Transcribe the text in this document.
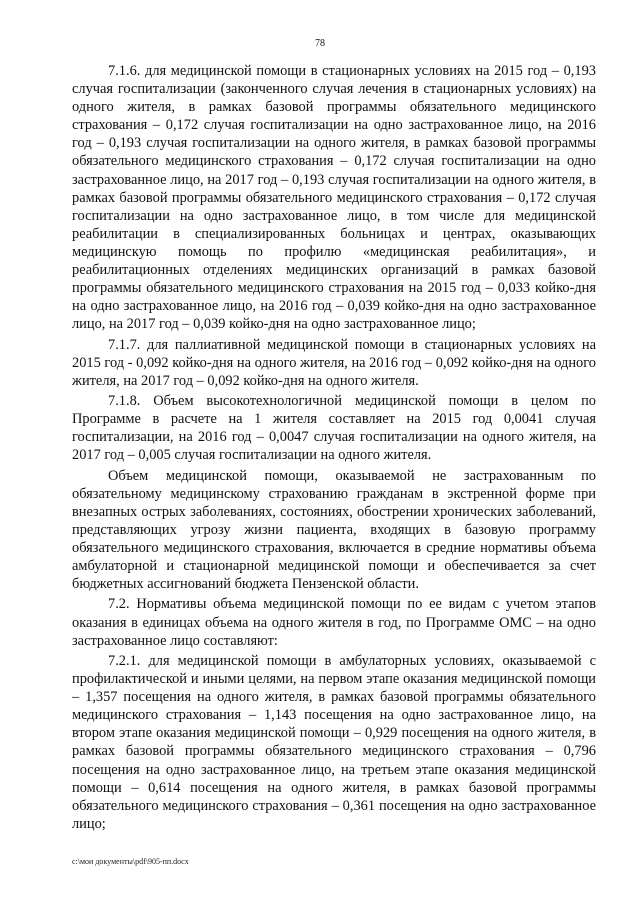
78

7.1.6. для медицинской помощи в стационарных условиях на 2015 год – 0,193 случая госпитализации (законченного случая лечения в стационарных условиях) на одного жителя, в рамках базовой программы обязательного медицинского страхования – 0,172 случая госпитализации на одно застрахованное лицо, на 2016 год – 0,193 случая госпитализации на одного жителя, в рамках базовой программы обязательного медицинского страхования – 0,172 случая госпитализации на одно застрахованное лицо, на 2017 год – 0,193 случая госпитализации на одного жителя, в рамках базовой программы обязательного медицинского страхования – 0,172 случая госпитализации на одно застрахованное лицо, в том числе для медицинской реабилитации в специализированных больницах и центрах, оказывающих медицинскую помощь по профилю «медицинская реабилитация», и реабилитационных отделениях медицинских организаций в рамках базовой программы обязательного медицинского страхования на 2015 год – 0,033 койко-дня на одно застрахованное лицо, на 2016 год – 0,039 койко-дня на одно застрахованное лицо, на 2017 год – 0,039 койко-дня на одно застрахованное лицо;

7.1.7. для паллиативной медицинской помощи в стационарных условиях на 2015 год - 0,092 койко-дня на одного жителя, на 2016 год – 0,092 койко-дня на одного жителя, на 2017 год – 0,092 койко-дня на одного жителя.

7.1.8. Объем высокотехнологичной медицинской помощи в целом по Программе в расчете на 1 жителя составляет на 2015 год 0,0041 случая госпитализации, на 2016 год – 0,0047 случая госпитализации на одного жителя, на 2017 год – 0,005 случая госпитализации на одного жителя.

Объем медицинской помощи, оказываемой не застрахованным по обязательному медицинскому страхованию гражданам в экстренной форме при внезапных острых заболеваниях, состояниях, обострении хронических заболеваний, представляющих угрозу жизни пациента, входящих в базовую программу обязательного медицинского страхования, включается в средние нормативы объема амбулаторной и стационарной медицинской помощи и обеспечивается за счет бюджетных ассигнований бюджета Пензенской области.

7.2. Нормативы объема медицинской помощи по ее видам с учетом этапов оказания в единицах объема на одного жителя в год, по Программе ОМС – на одно застрахованное лицо составляют:

7.2.1. для медицинской помощи в амбулаторных условиях, оказываемой с профилактической и иными целями, на первом этапе оказания медицинской помощи – 1,357 посещения на одного жителя, в рамках базовой программы обязательного медицинского страхования – 1,143 посещения на одно застрахованное лицо, на втором этапе оказания медицинской помощи – 0,929 посещения на одного жителя, в рамках базовой программы обязательного медицинского страхования – 0,796 посещения на одно застрахованное лицо, на третьем этапе оказания медицинской помощи – 0,614 посещения на одного жителя, в рамках базовой программы обязательного медицинского страхования – 0,361 посещения на одно застрахованное лицо;

c:\мои документы\pdf\905-пп.docx
